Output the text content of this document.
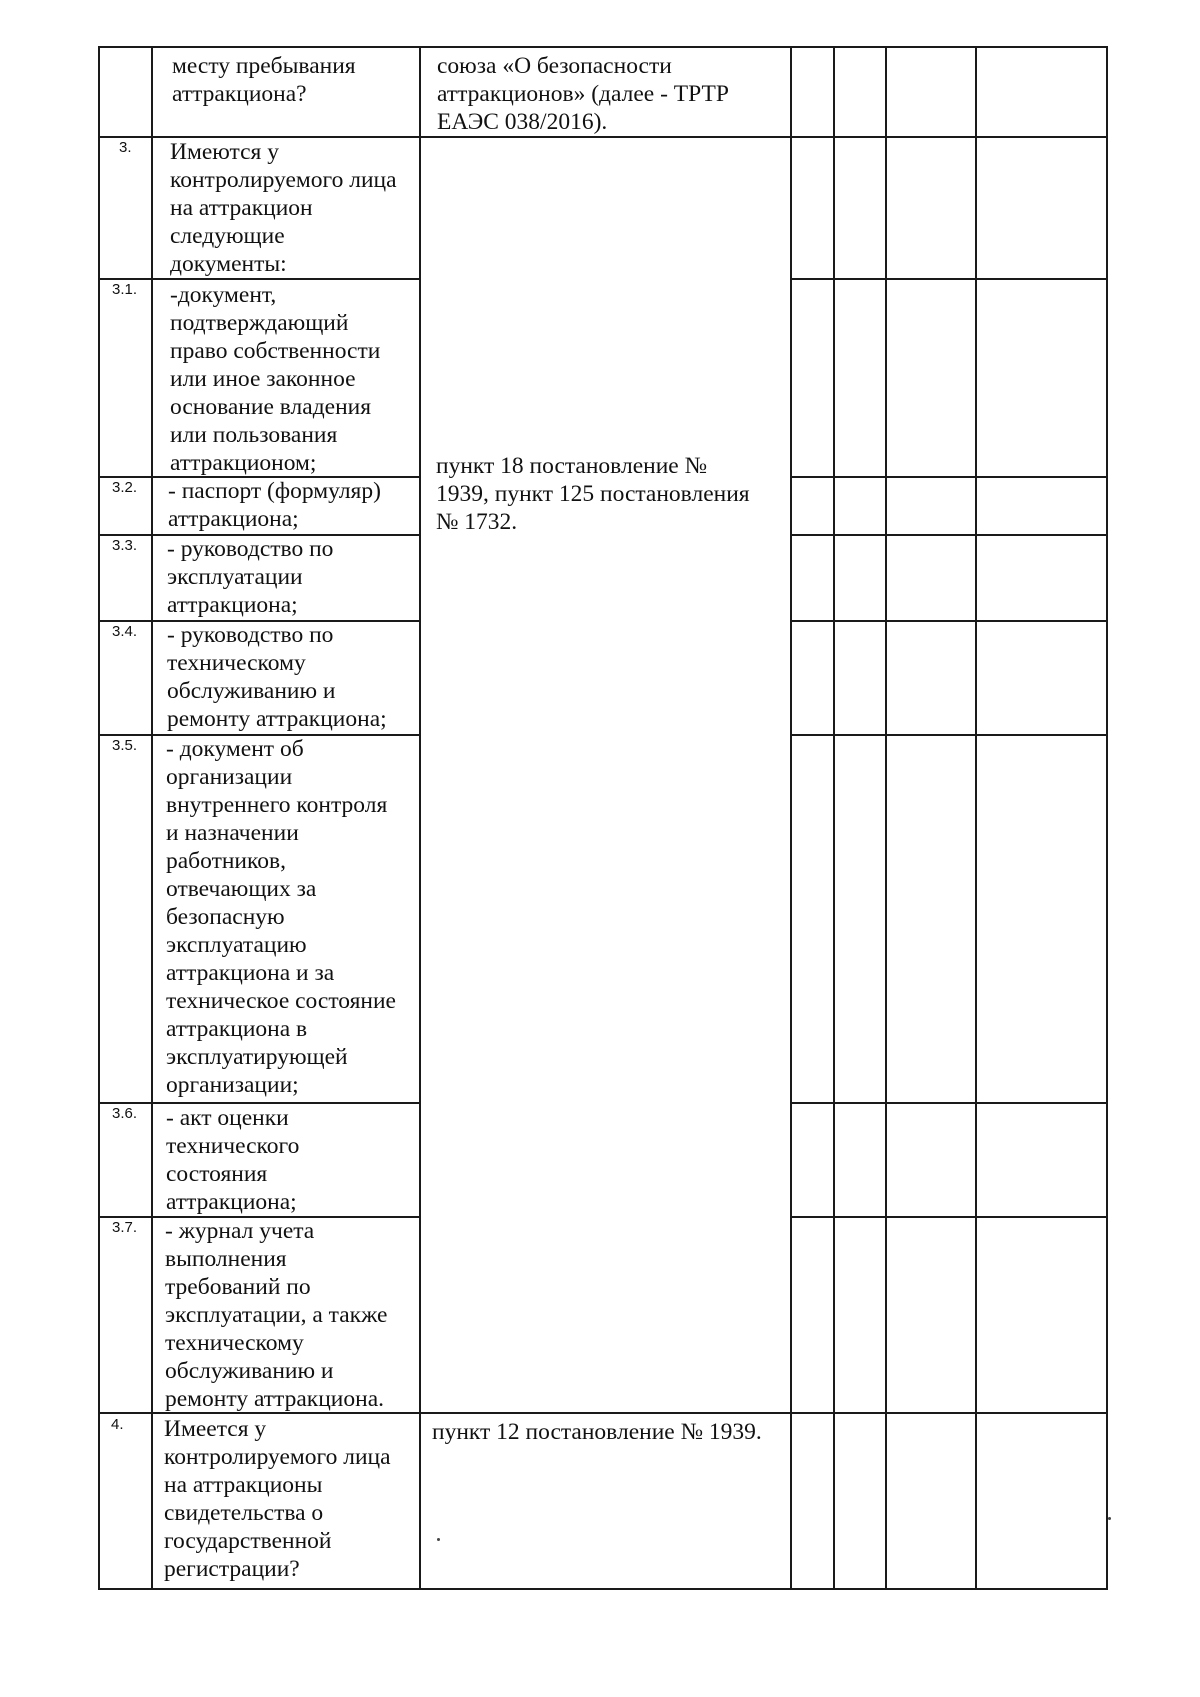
месту пребывания
аттракциона?
союза «О безопасности
аттракционов» (далее - ТРТР
ЕАЭС 038/2016).
3. Имеются у
контролируемого лица
на аттракцион
следующие
документы:
3.1. -документ,
подтверждающий
право собственности
или иное законное
основание владения
или пользования
аттракционом;
3.2. - паспорт (формуляр)
аттракциона;
3.3. - руководство по
эксплуатации
аттракциона;
3.4. - руководство по
техническому
обслуживанию и
ремонту аттракциона;
3.5. - документ об
организации
внутреннего контроля
и назначении
работников,
отвечающих за
безопасную
эксплуатацию
аттракциона и за
техническое состояние
аттракциона в
эксплуатирующей
организации;
3.6. - акт оценки
технического
состояния
аттракциона;
3.7. - журнал учета
выполнения
требований по
эксплуатации, а также
техническому
обслуживанию и
ремонту аттракциона.
4. Имеется у
контролируемого лица
на аттракционы
свидетельства о
государственной
регистрации?
пункт 18 постановление №
1939, пункт 125 постановления
№ 1732.
пункт 12 постановление № 1939.
